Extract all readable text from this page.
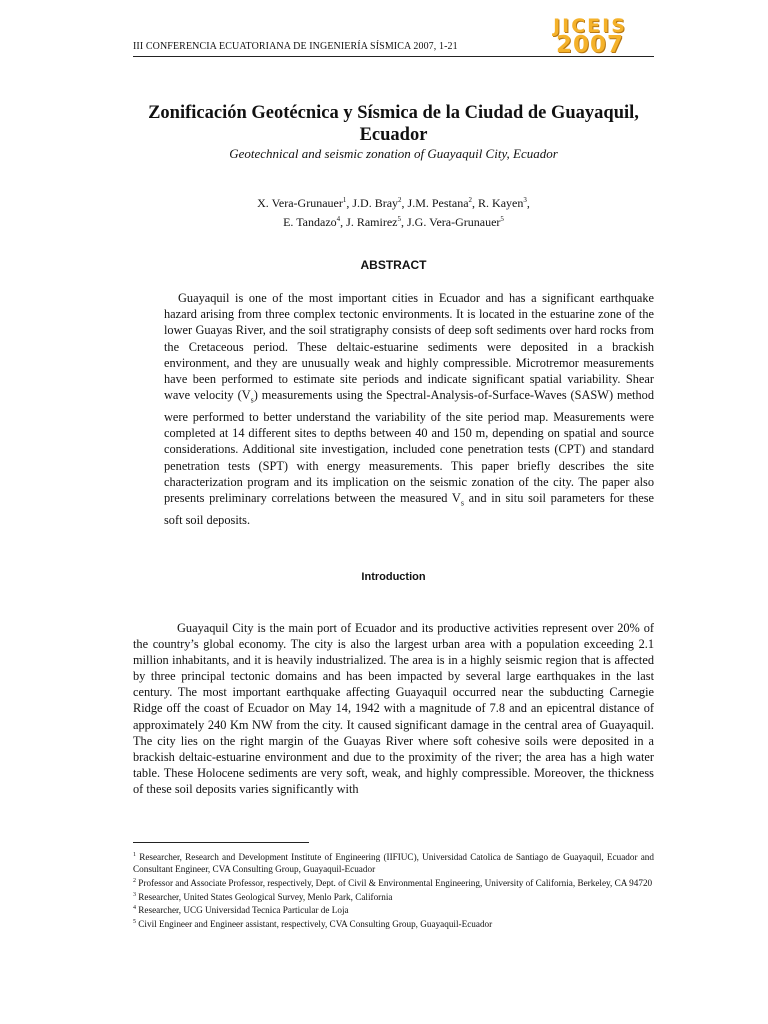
III CONFERENCIA ECUATORIANA DE INGENIERÍA SÍSMICA 2007, 1-21
JICEIS
2007
Zonificación Geotécnica y Sísmica de la Ciudad de Guayaquil, Ecuador

Geotechnical and seismic zonation of Guayaquil City, Ecuador

X. Vera-Grunauer$^1$, J.D. Bray$^2$, J.M. Pestana$^2$, R. Kayen$^3$,
E. Tandazo$^4$, J. Ramirez$^5$, J.G. Vera-Grunauer$^5$
ABSTRACT

Guayaquil is one of the most important cities in Ecuador and has a significant earthquake hazard arising from three complex tectonic environments. It is located in the estuarine zone of the lower Guayas River, and the soil stratigraphy consists of deep soft sediments over hard rocks from the Cretaceous period. These deltaic-estuarine sediments were deposited in a brackish environment, and they are unusually weak and highly compressible. Microtremor measurements have been performed to estimate site periods and indicate significant spatial variability. Shear wave velocity $(V_s)$ measurements using the Spectral-Analysis-of-Surface-Waves (SASW) method were performed to better understand the variability of the site period map. Measurements were completed at 14 different sites to depths between 40 and 150 m, depending on spatial and source considerations. Additional site investigation, included cone penetration tests (CPT) and standard penetration tests (SPT) with energy measurements. This paper briefly describes the site characterization program and its implication on the seismic zonation of the city. The paper also presents preliminary correlations between the measured $V_s$ and in situ soil parameters for these soft soil deposits.

Introduction

Guayaquil City is the main port of Ecuador and its productive activities represent over 20% of the country’s global economy. The city is also the largest urban area with a population exceeding 2.1 million inhabitants, and it is heavily industrialized. The area is in a highly seismic region that is affected by three principal tectonic domains and has been impacted by several large earthquakes in the last century. The most important earthquake affecting Guayaquil occurred near the subducting Carnegie Ridge off the coast of Ecuador on May 14, 1942 with a magnitude of 7.8 and an epicentral distance of approximately 240 Km NW from the city. It caused significant damage in the central area of Guayaquil. The city lies on the right margin of the Guayas River where soft cohesive soils were deposited in a brackish deltaic-estuarine environment and due to the proximity of the river; the area has a high water table. These Holocene sediments are very soft, weak, and highly compressible. Moreover, the thickness of these soil deposits varies significantly with

$^1$ Researcher, Research and Development Institute of Engineering (IIFIUC), Universidad Catolica de Santiago de Guayaquil, Ecuador and Consultant Engineer, CVA Consulting Group, Guayaquil-Ecuador
$^2$ Professor and Associate Professor, respectively, Dept. of Civil & Environmental Engineering, University of California, Berkeley, CA 94720
$^3$ Researcher, United States Geological Survey, Menlo Park, California
$^4$ Researcher, UCG Universidad Tecnica Particular de Loja
$^5$ Civil Engineer and Engineer assistant, respectively, CVA Consulting Group, Guayaquil-Ecuador
